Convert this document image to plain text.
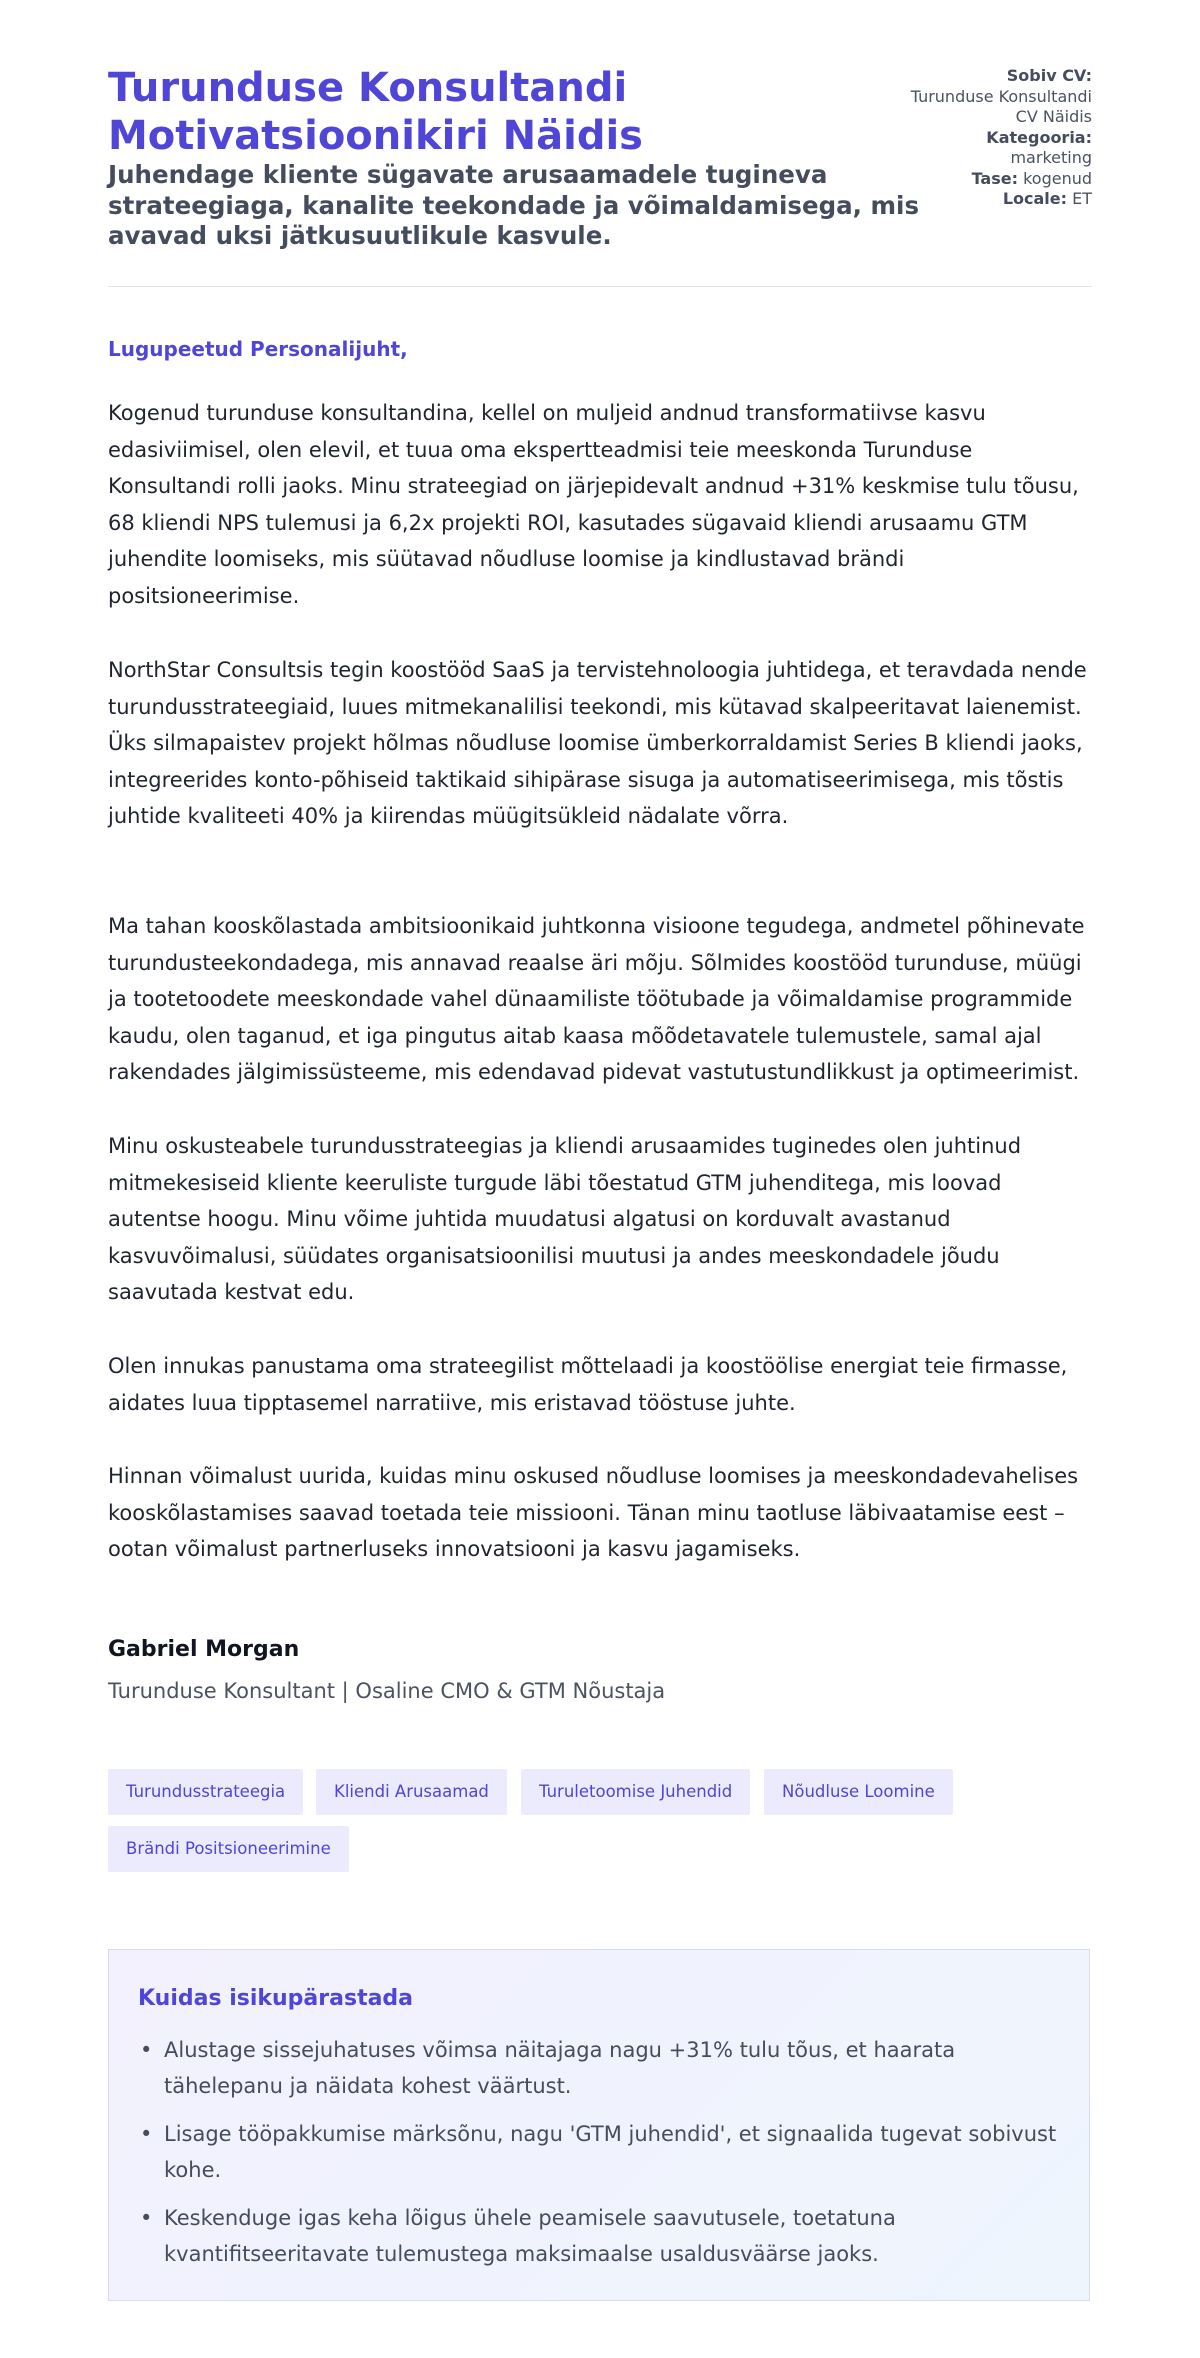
Turunduse Konsultandi Motivatsioonikiri Näidis
Juhendage kliente sügavate arusaamadele tugineva strateegiaga, kanalite teekondade ja võimaldamisega, mis avavad uksi jätkusuutlikule kasvule.
Sobiv CV:
Turunduse Konsultandi CV Näidis
Kategooria:
marketing
Tase: kogenud
Locale: ET

Lugupeetud Personalijuht,

Kogenud turunduse konsultandina, kellel on muljeid andnud transformatiivse kasvu edasiviimisel, olen elevil, et tuua oma ekspertteadmisi teie meeskonda Turunduse Konsultandi rolli jaoks. Minu strateegiad on järjepidevalt andnud +31% keskmise tulu tõusu, 68 kliendi NPS tulemusi ja 6,2x projekti ROI, kasutades sügavaid kliendi arusaamu GTM juhendite loomiseks, mis süütavad nõudluse loomise ja kindlustavad brändi positsioneerimise.

NorthStar Consultsis tegin koostööd SaaS ja tervistehnoloogia juhtidega, et teravdada nende turundusstrateegiaid, luues mitmekanalilisi teekondi, mis kütavad skalpeeritavat laienemist. Üks silmapaistev projekt hõlmas nõudluse loomise ümberkorraldamist Series B kliendi jaoks, integreerides konto-põhiseid taktikaid sihipärase sisuga ja automatiseerimisega, mis tõstis juhtide kvaliteeti 40% ja kiirendas müügitsükleid nädalate võrra.

Ma tahan kooskõlastada ambitsioonikaid juhtkonna visioone tegudega, andmetel põhinevate turundusteekondadega, mis annavad reaalse äri mõju. Sõlmides koostööd turunduse, müügi ja tootetoodete meeskondade vahel dünaamiliste töötubade ja võimaldamise programmide kaudu, olen taganud, et iga pingutus aitab kaasa mõõdetavatele tulemustele, samal ajal rakendades jälgimissüsteeme, mis edendavad pidevat vastutustundlikkust ja optimeerimist.

Minu oskusteabele turundusstrateegias ja kliendi arusaamides tuginedes olen juhtinud mitmekesiseid kliente keeruliste turgude läbi tõestatud GTM juhenditega, mis loovad autentse hoogu. Minu võime juhtida muudatusi algatusi on korduvalt avastanud kasvuvõimalusi, süüdates organisatsioonilisi muutusi ja andes meeskondadele jõudu saavutada kestvat edu.

Olen innukas panustama oma strateegilist mõttelaadi ja koostöölise energiat teie firmasse, aidates luua tipptasemel narratiive, mis eristavad tööstuse juhte.

Hinnan võimalust uurida, kuidas minu oskused nõudluse loomises ja meeskondadevahelises kooskõlastamises saavad toetada teie missiooni. Tänan minu taotluse läbivaatamise eest – ootan võimalust partnerluseks innovatsiooni ja kasvu jagamiseks.

Gabriel Morgan

Turunduse Konsultant | Osaline CMO & GTM Nõustaja

Turundusstrateegia	Kliendi Arusaamad	Turuletoomise Juhendid	Nõudluse Loomine
Brändi Positsioneerimine
Kuidas isikupärastada
• Alustage sissejuhatuses võimsa näitajaga nagu +31% tulu tõus, et haarata tähelepanu ja näidata kohest väärtust.
• Lisage tööpakkumise märksõnu, nagu 'GTM juhendid', et signaalida tugevat sobivust kohe.
• Keskenduge igas keha lõigus ühele peamisele saavutusele, toetatuna kvantifitseeritavate tulemustega maksimaalse usaldusväärse jaoks.
